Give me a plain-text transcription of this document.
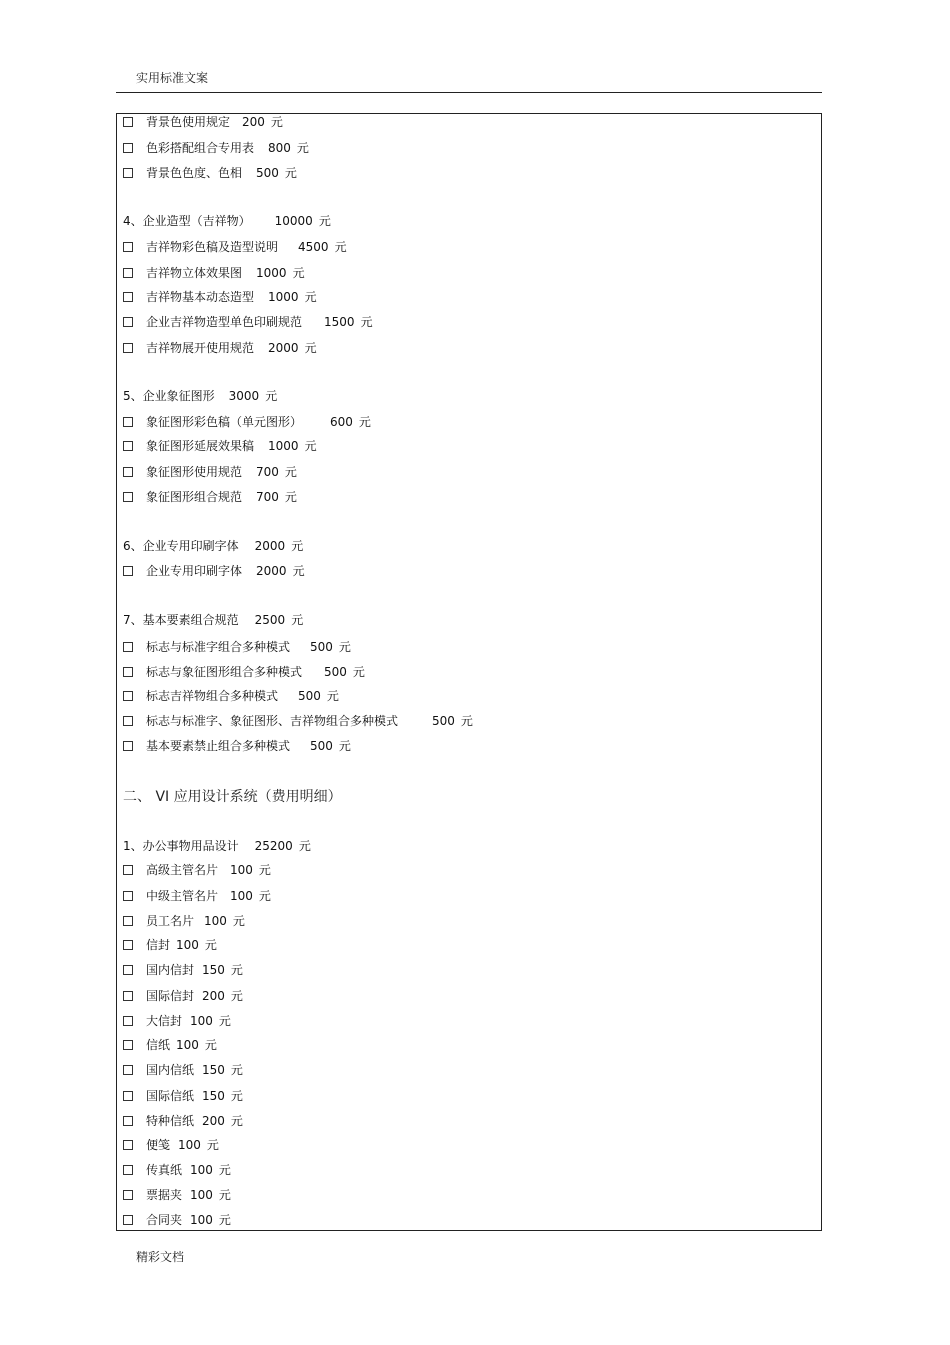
实用标准文案
背景色使用规定 200 元
色彩搭配组合专用表 800 元
背景色色度、色相 500 元
4、企业造型（吉祥物） 10000 元
吉祥物彩色稿及造型说明 4500 元
吉祥物立体效果图 1000 元
吉祥物基本动态造型 1000 元
企业吉祥物造型单色印刷规范 1500 元
吉祥物展开使用规范 2000 元
5、企业象征图形 3000 元
象征图形彩色稿（单元图形） 600 元
象征图形延展效果稿 1000 元
象征图形使用规范 700 元
象征图形组合规范 700 元
6、企业专用印刷字体 2000 元
企业专用印刷字体 2000 元
7、基本要素组合规范 2500 元
标志与标准字组合多种模式 500 元
标志与象征图形组合多种模式 500 元
标志吉祥物组合多种模式 500 元
标志与标准字、象征图形、吉祥物组合多种模式	500 元
基本要素禁止组合多种模式 500 元
1、办公事物用品设计 25200 元
高级主管名片 100 元
中级主管名片 100 元
员工名片 100 元
信封 100 元
国内信封 150 元
国际信封 200 元
大信封 100 元
信纸 100 元
国内信纸 150 元
国际信纸 150 元
特种信纸 200 元
便笺 100 元
传真纸 100 元
票据夹 100 元
合同夹 100 元
二、 VI 应用设计系统（费用明细）
精彩文档
